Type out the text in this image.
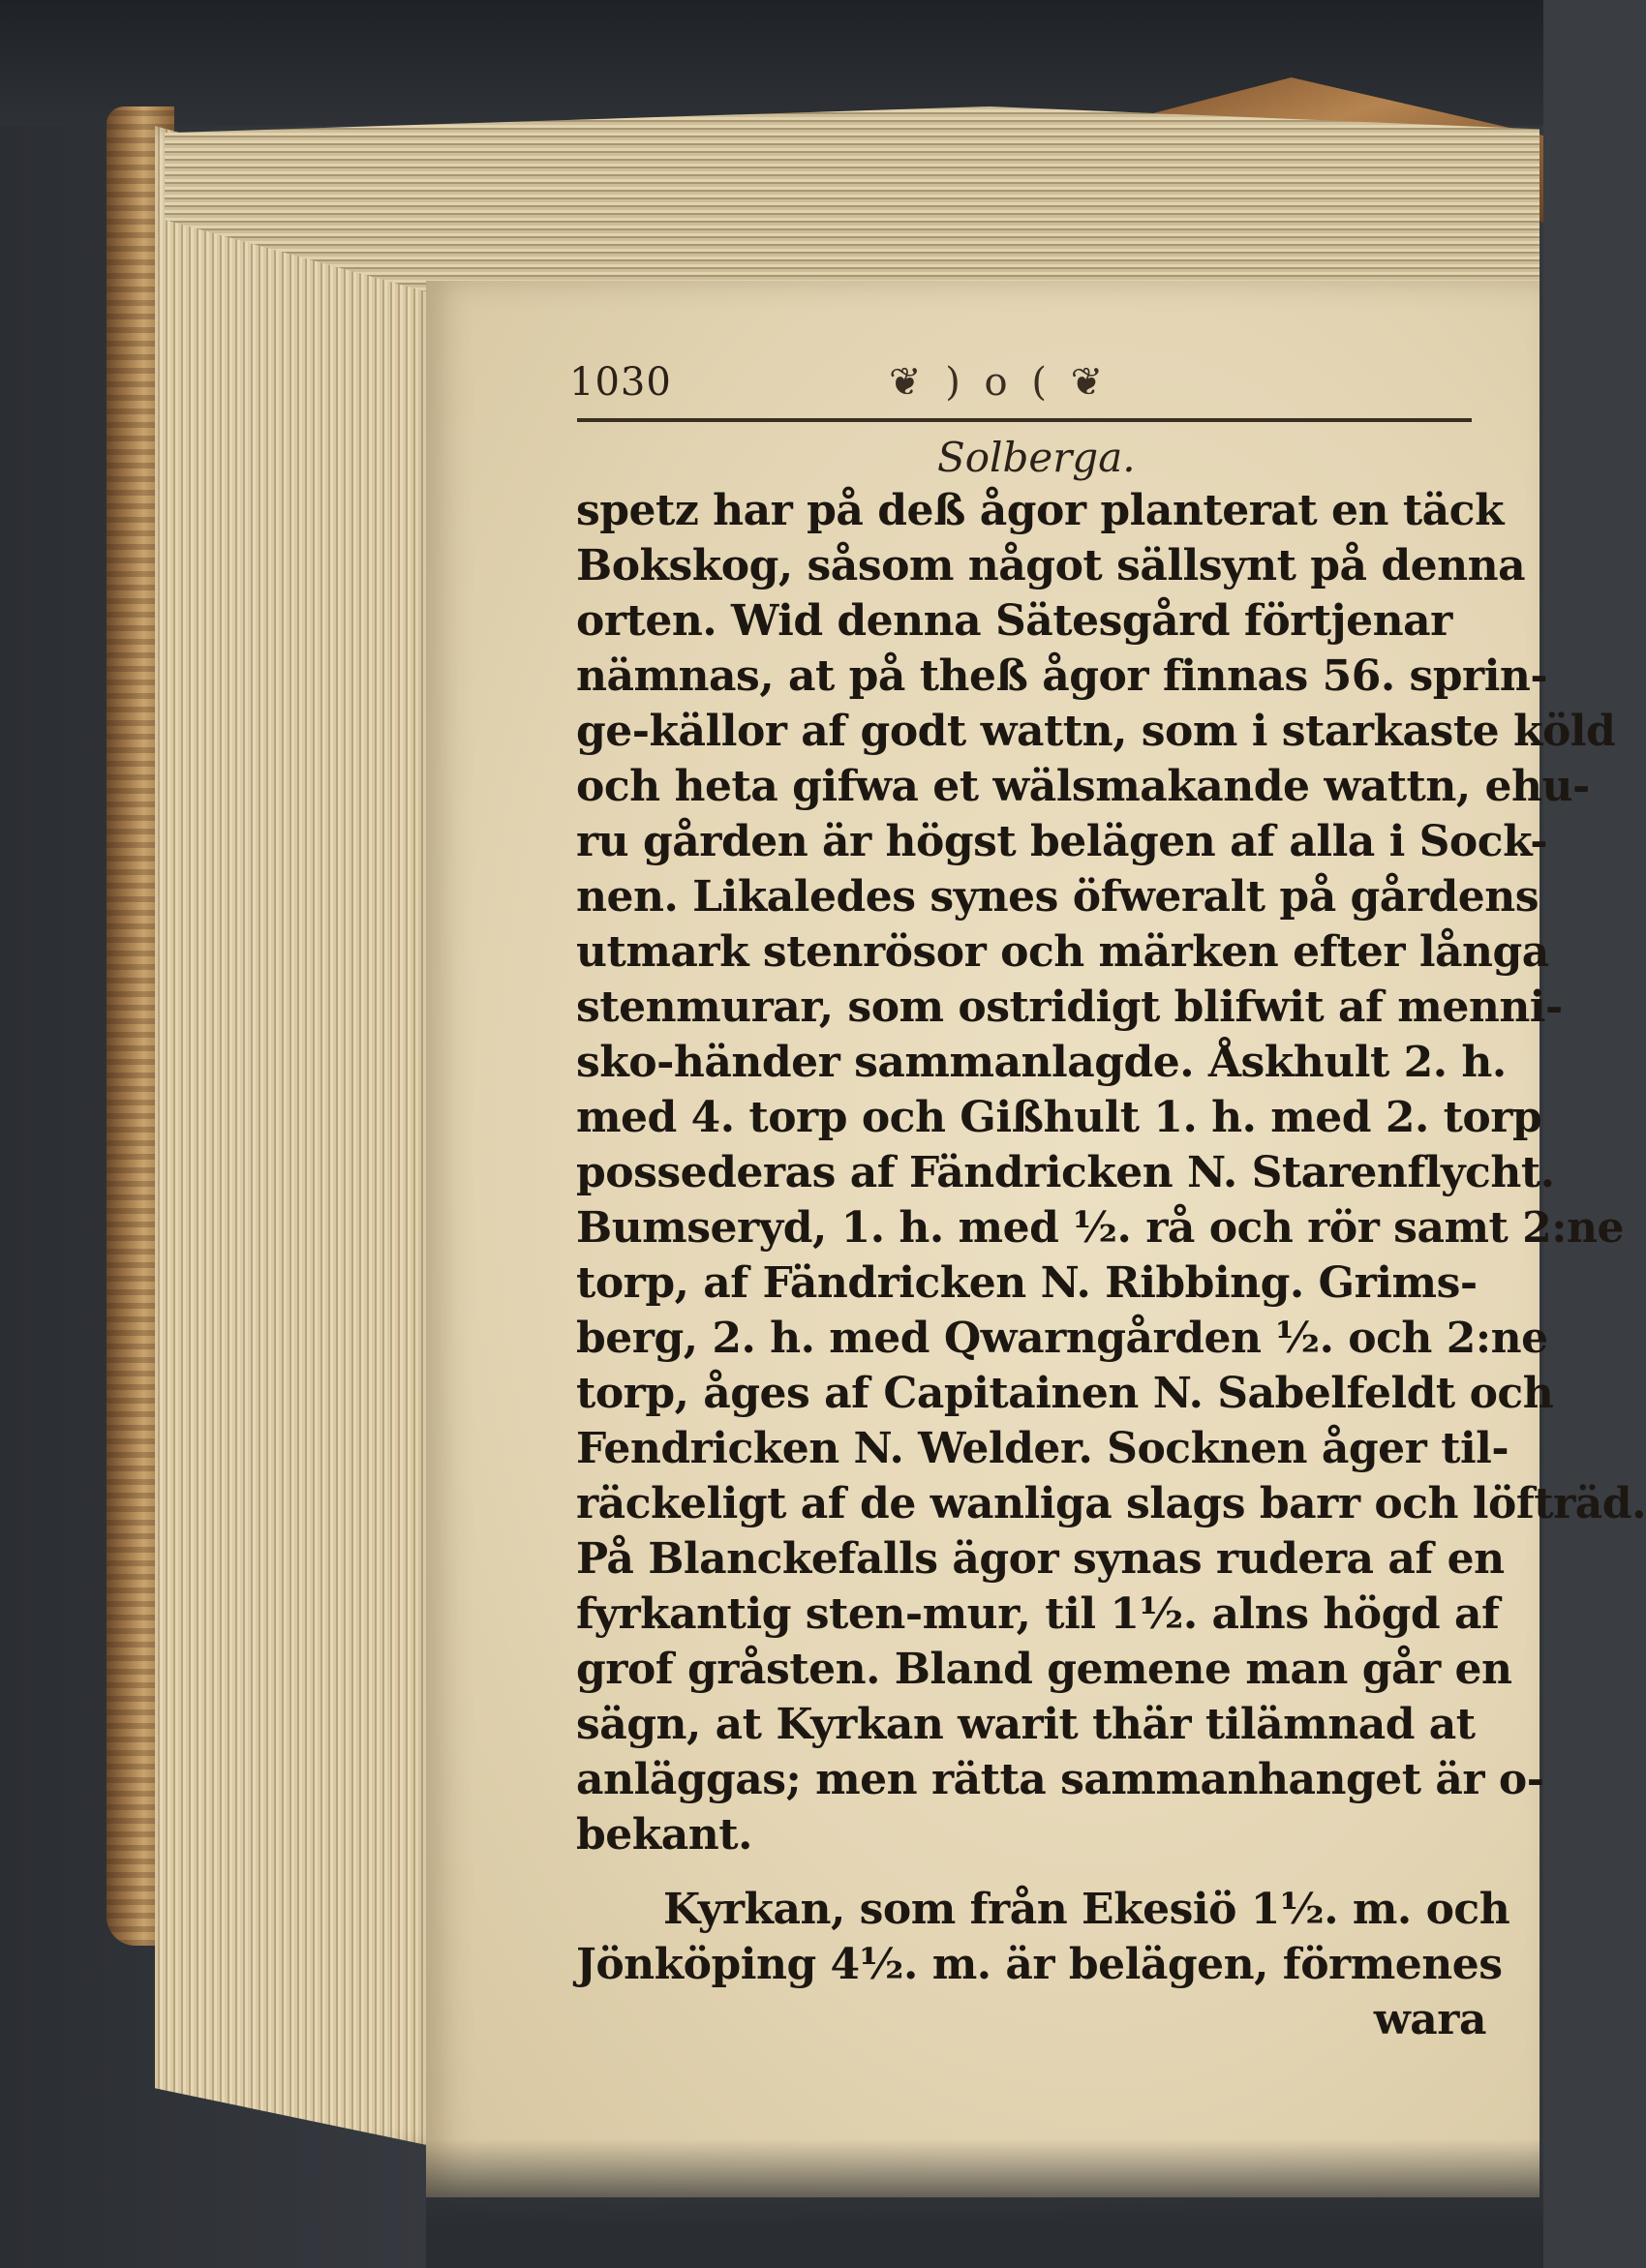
1030	❦ ) o ( ❦
Solberga.
spetz har på deß ågor planterat en täck
Bokskog, såsom något sällsynt på denna
orten. Wid denna Sätesgård förtjenar
nämnas, at på theß ågor finnas 56. sprin-
ge-källor af godt wattn, som i starkaste köld
och heta gifwa et wälsmakande wattn, ehu-
ru gården är högst belägen af alla i Sock-
nen. Likaledes synes öfweralt på gårdens
utmark stenrösor och märken efter långa
stenmurar, som ostridigt blifwit af menni-
sko-händer sammanlagde. Åskhult 2. h.
med 4. torp och Gißhult 1. h. med 2. torp
possederas af Fändricken N. Starenflycht.
Bumseryd, 1. h. med ½. rå och rör samt 2:ne
torp, af Fändricken N. Ribbing. Grims-
berg, 2. h. med Qwarngården ½. och 2:ne
torp, åges af Capitainen N. Sabelfeldt och
Fendricken N. Welder. Socknen åger til-
räckeligt af de wanliga slags barr och löfträd.
På Blanckefalls ägor synas rudera af en
fyrkantig sten-mur, til 1½. alns högd af
grof gråsten. Bland gemene man går en
sägn, at Kyrkan warit thär tilämnad at
anläggas; men rätta sammanhanget är o-
bekant.
Kyrkan, som från Ekesiö 1½. m. och
Jönköping 4½. m. är belägen, förmenes
wara
